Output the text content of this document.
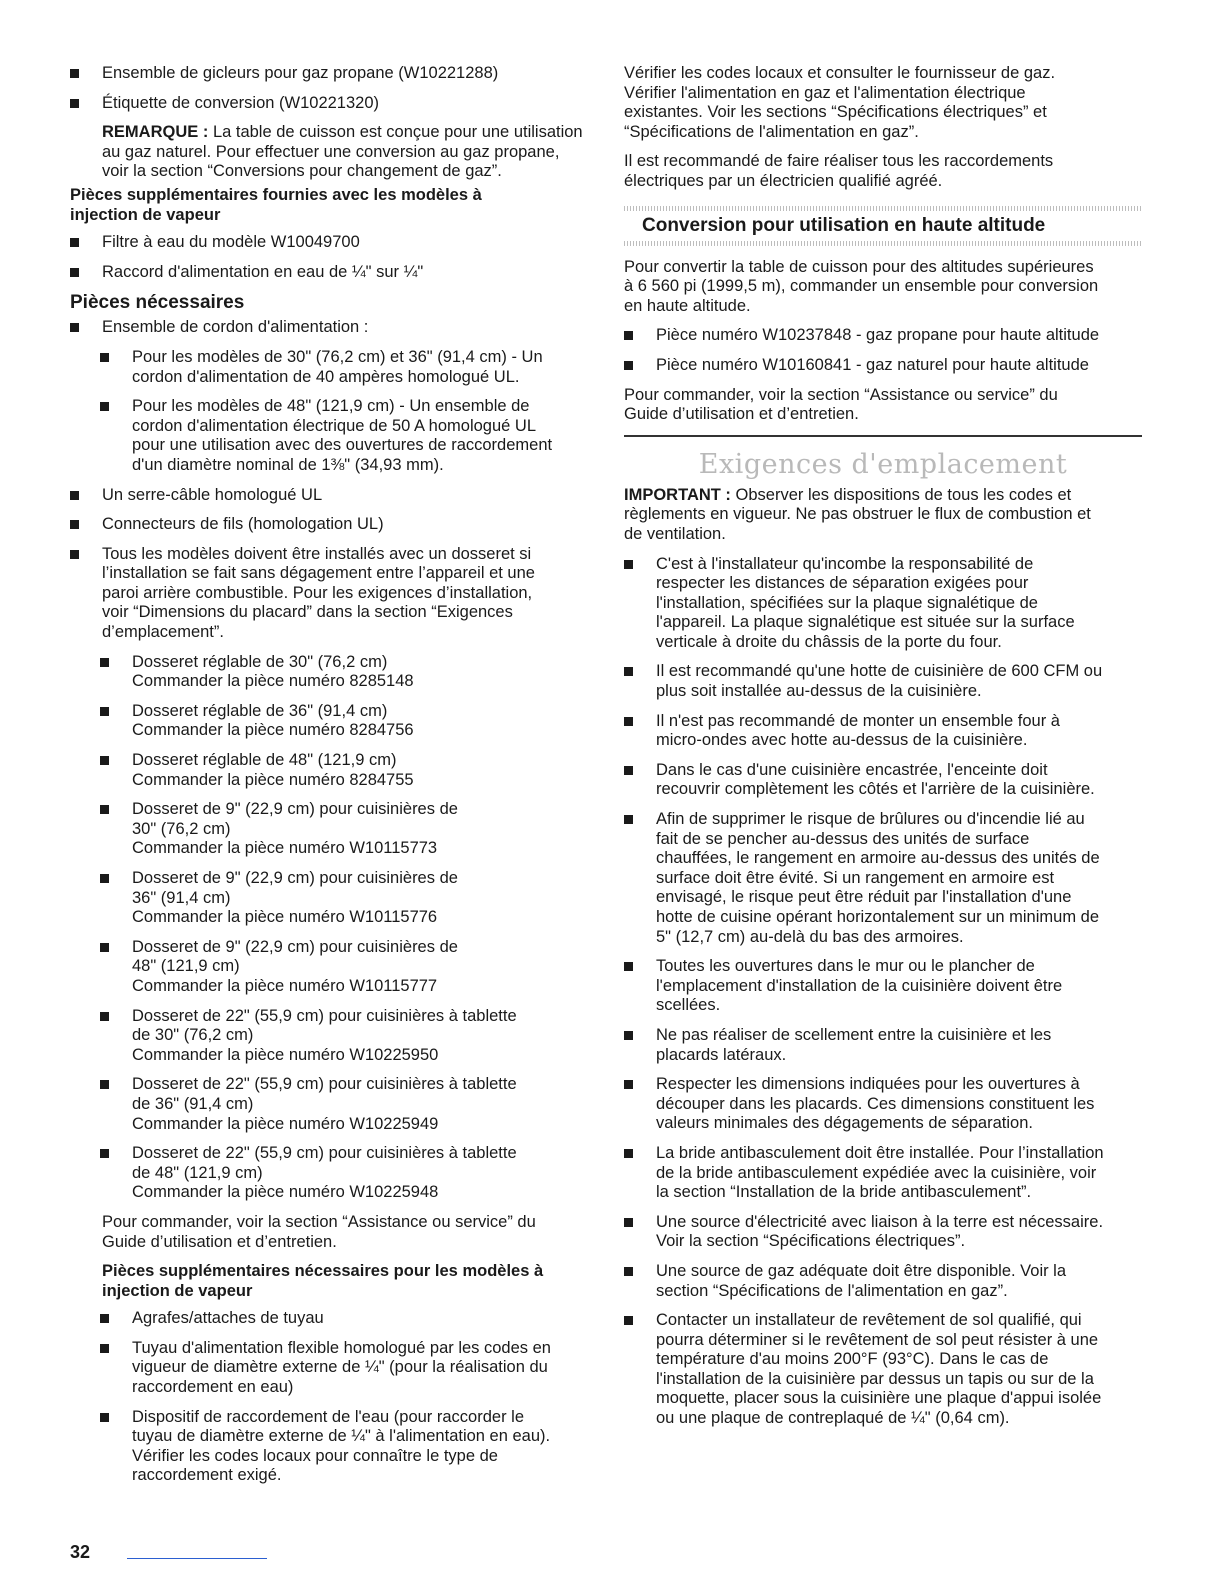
Ensemble de gicleurs pour gaz propane (W10221288)
Étiquette de conversion (W10221320)

REMARQUE : La table de cuisson est conçue pour une utilisation au gaz naturel. Pour effectuer une conversion au gaz propane, voir la section “Conversions pour changement de gaz”.

Pièces supplémentaires fournies avec les modèles à
injection de vapeur
Filtre à eau du modèle W10049700
Raccord d'alimentation en eau de ¼" sur ¼"
Pièces nécessaires
Ensemble de cordon d'alimentation :
Pour les modèles de 30" (76,2 cm) et 36" (91,4 cm) - Un
cordon d'alimentation de 40 ampères homologué UL.
Pour les modèles de 48" (121,9 cm) - Un ensemble de
cordon d'alimentation électrique de 50 A homologué UL
pour une utilisation avec des ouvertures de raccordement
d'un diamètre nominal de 1⅜" (34,93 mm).
Un serre-câble homologué UL
Connecteurs de fils (homologation UL)
Tous les modèles doivent être installés avec un dosseret si
l’installation se fait sans dégagement entre l’appareil et une
paroi arrière combustible. Pour les exigences d’installation,
voir “Dimensions du placard” dans la section “Exigences
d’emplacement”.
Dosseret réglable de 30" (76,2 cm)
Commander la pièce numéro 8285148
Dosseret réglable de 36" (91,4 cm)
Commander la pièce numéro 8284756
Dosseret réglable de 48" (121,9 cm)
Commander la pièce numéro 8284755
Dosseret de 9" (22,9 cm) pour cuisinières de
30" (76,2 cm)
Commander la pièce numéro W10115773
Dosseret de 9" (22,9 cm) pour cuisinières de
36" (91,4 cm)
Commander la pièce numéro W10115776
Dosseret de 9" (22,9 cm) pour cuisinières de
48" (121,9 cm)
Commander la pièce numéro W10115777
Dosseret de 22" (55,9 cm) pour cuisinières à tablette
de 30" (76,2 cm)
Commander la pièce numéro W10225950
Dosseret de 22" (55,9 cm) pour cuisinières à tablette
de 36" (91,4 cm)
Commander la pièce numéro W10225949
Dosseret de 22" (55,9 cm) pour cuisinières à tablette
de 48" (121,9 cm)
Commander la pièce numéro W10225948

Pour commander, voir la section “Assistance ou service” du
Guide d’utilisation et d’entretien.

Pièces supplémentaires nécessaires pour les modèles à
injection de vapeur
Agrafes/attaches de tuyau
Tuyau d'alimentation flexible homologué par les codes en
vigueur de diamètre externe de ¼" (pour la réalisation du
raccordement en eau)
Dispositif de raccordement de l'eau (pour raccorder le
tuyau de diamètre externe de ¼" à l'alimentation en eau).
Vérifier les codes locaux pour connaître le type de
raccordement exigé.

Vérifier les codes locaux et consulter le fournisseur de gaz.
Vérifier l'alimentation en gaz et l'alimentation électrique
existantes. Voir les sections “Spécifications électriques” et
“Spécifications de l'alimentation en gaz”.

Il est recommandé de faire réaliser tous les raccordements
électriques par un électricien qualifié agréé.

Conversion pour utilisation en haute altitude

Pour convertir la table de cuisson pour des altitudes supérieures
à 6 560 pi (1999,5 m), commander un ensemble pour conversion
en haute altitude.

Pièce numéro W10237848 - gaz propane pour haute altitude
Pièce numéro W10160841 - gaz naturel pour haute altitude

Pour commander, voir la section “Assistance ou service” du
Guide d’utilisation et d’entretien.

Exigences d'emplacement

IMPORTANT : Observer les dispositions de tous les codes et
règlements en vigueur. Ne pas obstruer le flux de combustion et
de ventilation.

C'est à l'installateur qu'incombe la responsabilité de
respecter les distances de séparation exigées pour
l'installation, spécifiées sur la plaque signalétique de
l'appareil. La plaque signalétique est située sur la surface
verticale à droite du châssis de la porte du four.
Il est recommandé qu'une hotte de cuisinière de 600 CFM ou
plus soit installée au-dessus de la cuisinière.
Il n'est pas recommandé de monter un ensemble four à
micro-ondes avec hotte au-dessus de la cuisinière.
Dans le cas d'une cuisinière encastrée, l'enceinte doit
recouvrir complètement les côtés et l'arrière de la cuisinière.
Afin de supprimer le risque de brûlures ou d'incendie lié au
fait de se pencher au-dessus des unités de surface
chauffées, le rangement en armoire au-dessus des unités de
surface doit être évité. Si un rangement en armoire est
envisagé, le risque peut être réduit par l'installation d'une
hotte de cuisine opérant horizontalement sur un minimum de
5" (12,7 cm) au-delà du bas des armoires.
Toutes les ouvertures dans le mur ou le plancher de
l'emplacement d'installation de la cuisinière doivent être
scellées.
Ne pas réaliser de scellement entre la cuisinière et les
placards latéraux.
Respecter les dimensions indiquées pour les ouvertures à
découper dans les placards. Ces dimensions constituent les
valeurs minimales des dégagements de séparation.
La bride antibasculement doit être installée. Pour l’installation
de la bride antibasculement expédiée avec la cuisinière, voir
la section “Installation de la bride antibasculement”.
Une source d'électricité avec liaison à la terre est nécessaire.
Voir la section “Spécifications électriques”.
Une source de gaz adéquate doit être disponible. Voir la
section “Spécifications de l'alimentation en gaz”.
Contacter un installateur de revêtement de sol qualifié, qui
pourra déterminer si le revêtement de sol peut résister à une
température d'au moins 200°F (93°C). Dans le cas de
l'installation de la cuisinière par dessus un tapis ou sur de la
moquette, placer sous la cuisinière une plaque d'appui isolée
ou une plaque de contreplaqué de ¼" (0,64 cm).
32
